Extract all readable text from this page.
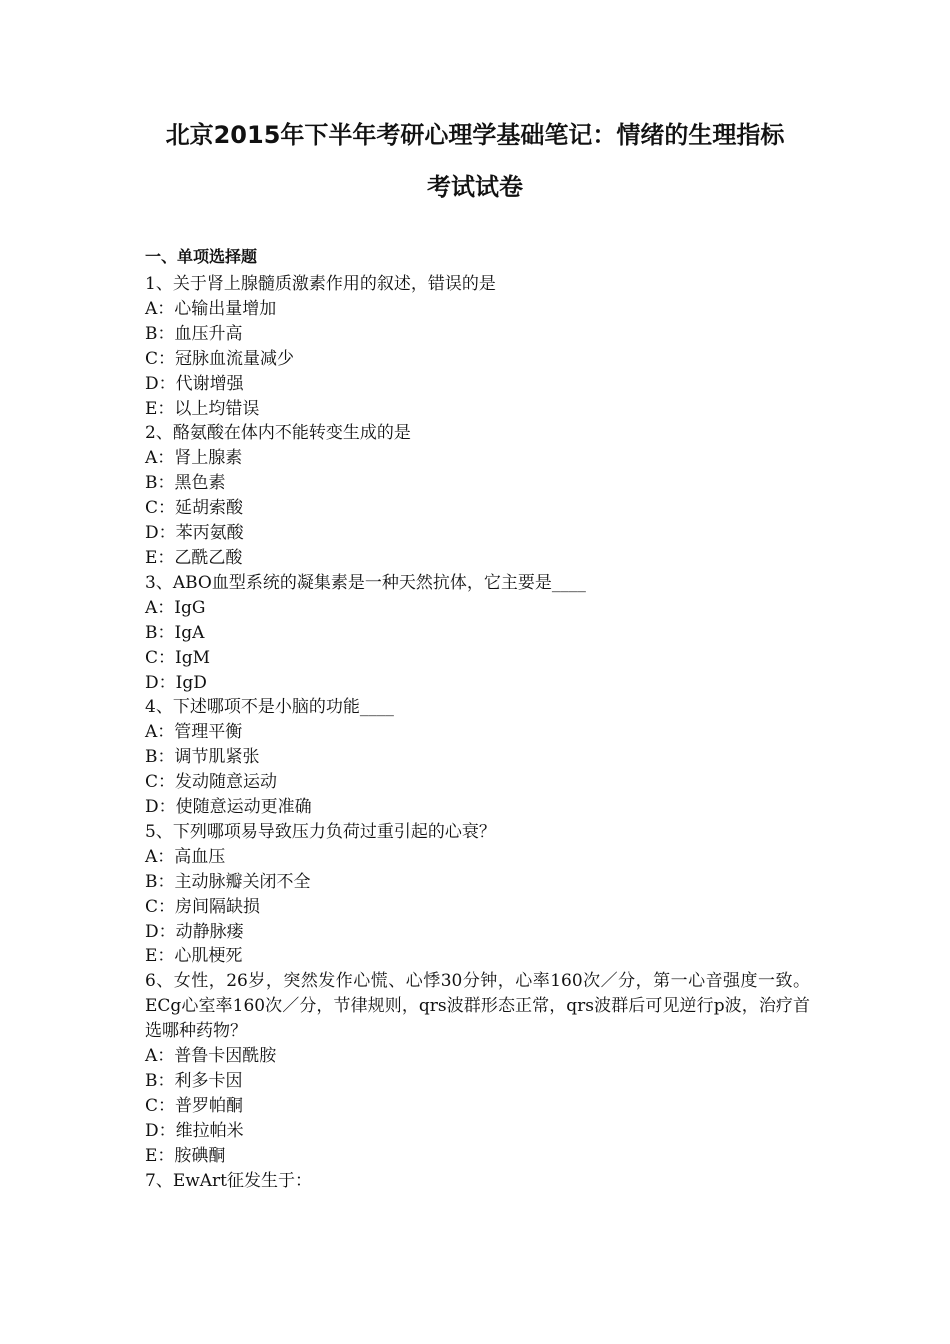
北京2015年下半年考研心理学基础笔记：情绪的生理指标
考试试卷
一、单项选择题
1、关于肾上腺髓质激素作用的叙述，错误的是
A：心输出量增加
B：血压升高
C：冠脉血流量减少
D：代谢增强
E：以上均错误
2、酪氨酸在体内不能转变生成的是
A：肾上腺素
B：黑色素
C：延胡索酸
D：苯丙氨酸
E：乙酰乙酸
3、ABO血型系统的凝集素是一种天然抗体，它主要是____
A：IgG
B：IgA
C：IgM
D：IgD
4、下述哪项不是小脑的功能____
A：管理平衡
B：调节肌紧张
C：发动随意运动
D：使随意运动更准确
5、下列哪项易导致压力负荷过重引起的心衰？
A：高血压
B：主动脉瓣关闭不全
C：房间隔缺损
D：动静脉瘘
E：心肌梗死
6、女性，26岁，突然发作心慌、心悸30分钟，心率160次／分，第一心音强度一致。ECg心室率160次／分，节律规则，qrs波群形态正常，qrs波群后可见逆行p波，治疗首选哪种药物？
A：普鲁卡因酰胺
B：利多卡因
C：普罗帕酮
D：维拉帕米
E：胺碘酮
7、EwArt征发生于：
